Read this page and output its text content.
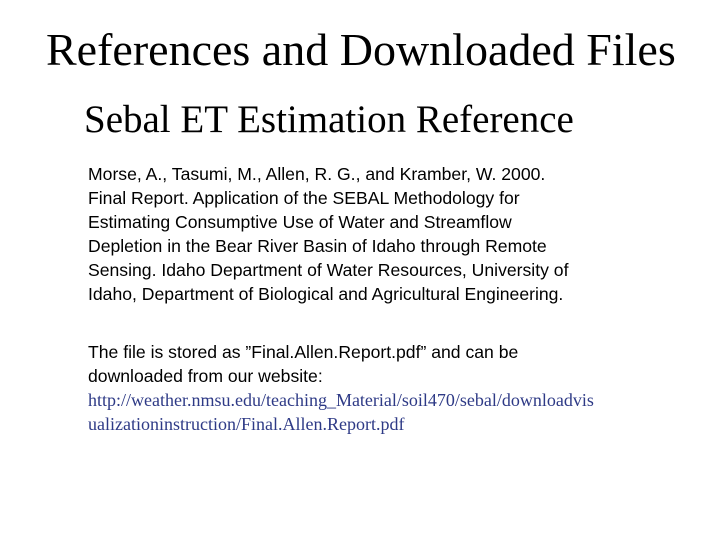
References and Downloaded Files
Sebal ET Estimation Reference

Morse, A., Tasumi, M., Allen, R. G., and Kramber, W. 2000.

Final Report. Application of the SEBAL Methodology for

Estimating Consumptive Use of Water and Streamflow

Depletion in the Bear River Basin of Idaho through Remote

Sensing. Idaho Department of Water Resources, University of

Idaho, Department of Biological and Agricultural Engineering.

The file is stored as ”Final.Allen.Report.pdf” and can be

downloaded from our website:

http://weather.nmsu.edu/teaching_Material/soil470/sebal/downloadvis

ualizationinstruction/Final.Allen.Report.pdf
